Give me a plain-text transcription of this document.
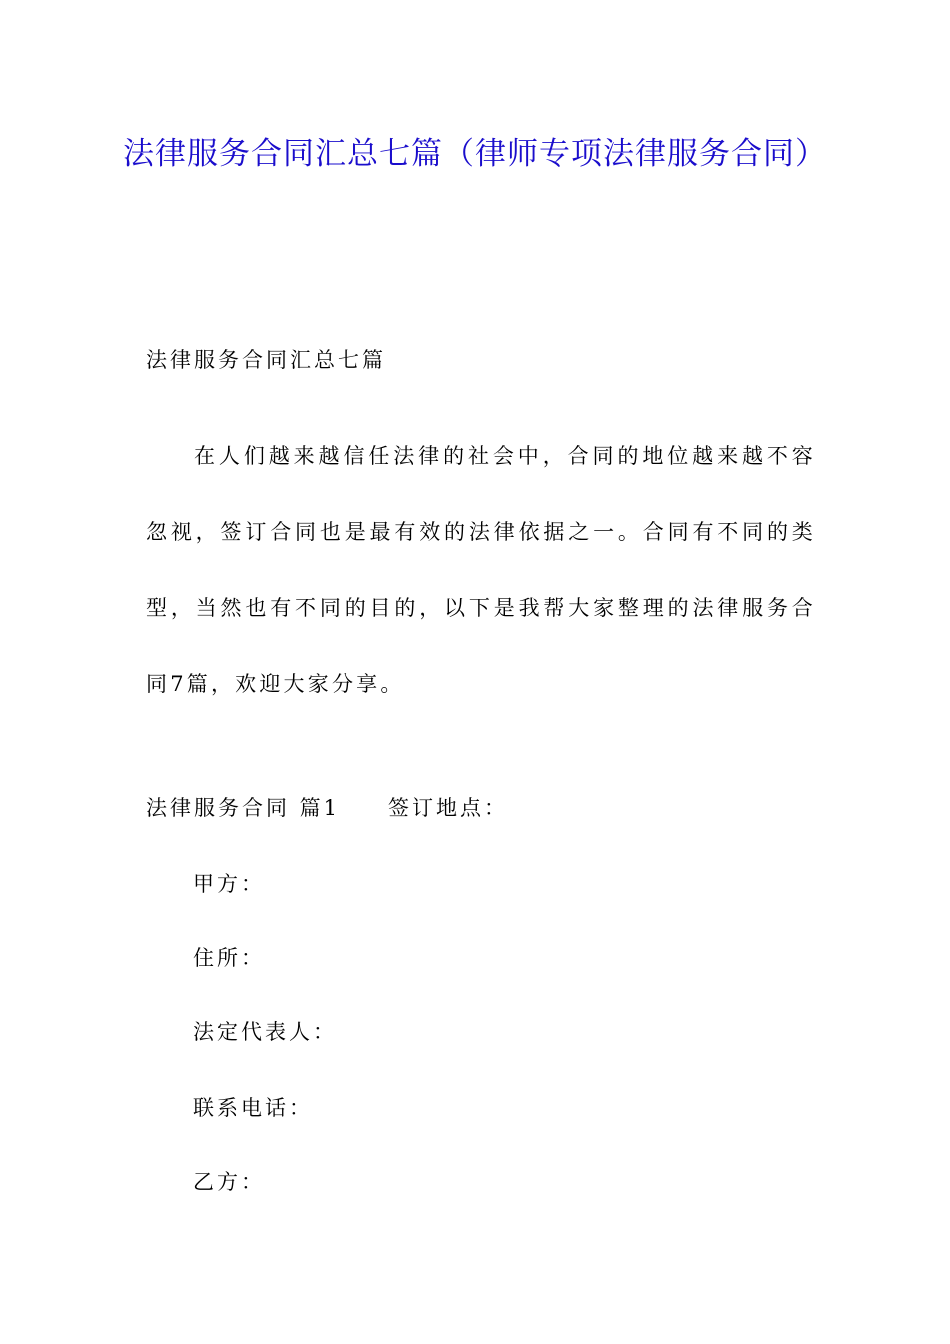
法律服务合同汇总七篇（律师专项法律服务合同）
法律服务合同汇总七篇

在人们越来越信任法律的社会中，合同的地位越来越不容忽视，签订合同也是最有效的法律依据之一。合同有不同的类型，当然也有不同的目的，以下是我帮大家整理的法律服务合同7篇，欢迎大家分享。

法律服务合同 篇1 签订地点：
甲方：
住所：
法定代表人：
联系电话：
乙方：
